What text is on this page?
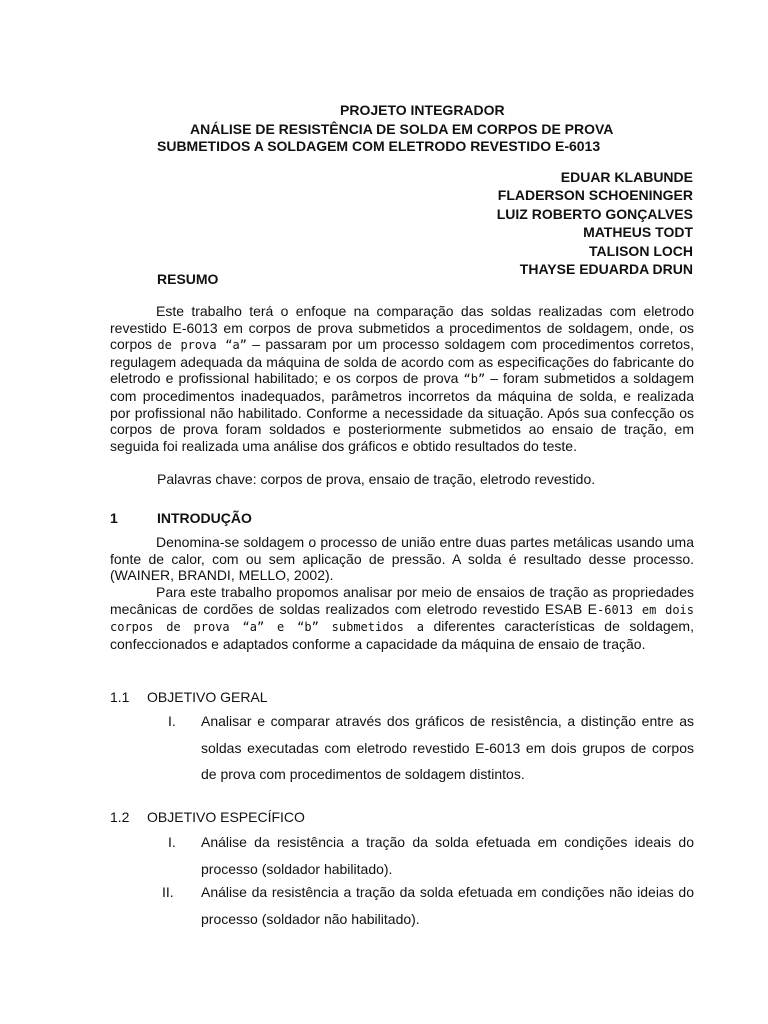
PROJETO INTEGRADOR
ANÁLISE DE RESISTÊNCIA DE SOLDA EM CORPOS DE PROVA
SUBMETIDOS A SOLDAGEM COM ELETRODO REVESTIDO E-6013
EDUAR KLABUNDE
FLADERSON SCHOENINGER
LUIZ ROBERTO GONÇALVES
MATHEUS TODT
TALISON LOCH
THAYSE EDUARDA DRUN
RESUMO
Este trabalho terá o enfoque na comparação das soldas realizadas com eletrodo revestido E-6013 em corpos de prova submetidos a procedimentos de soldagem, onde, os corpos de prova “a” – passaram por um processo soldagem com procedimentos corretos, regulagem adequada da máquina de solda de acordo com as especificações do fabricante do eletrodo e profissional habilitado; e os corpos de prova “b” – foram submetidos a soldagem com procedimentos inadequados, parâmetros incorretos da máquina de solda, e realizada por profissional não habilitado. Conforme a necessidade da situação. Após sua confecção os corpos de prova foram soldados e posteriormente submetidos ao ensaio de tração, em seguida foi realizada uma análise dos gráficos e obtido resultados do teste.
Palavras chave: corpos de prova, ensaio de tração, eletrodo revestido.
1	INTRODUÇÃO
Denomina-se soldagem o processo de união entre duas partes metálicas usando uma fonte de calor, com ou sem aplicação de pressão. A solda é resultado desse processo. (WAINER, BRANDI, MELLO, 2002).
Para este trabalho propomos analisar por meio de ensaios de tração as propriedades mecânicas de cordões de soldas realizados com eletrodo revestido ESAB E-6013 em dois corpos de prova “a” e “b” submetidos a diferentes características de soldagem, confeccionados e adaptados conforme a capacidade da máquina de ensaio de tração.
1.1 OBJETIVO GERAL
I.	Analisar e comparar através dos gráficos de resistência, a distinção entre as soldas executadas com eletrodo revestido E-6013 em dois grupos de corpos de prova com procedimentos de soldagem distintos.
1.2 OBJETIVO ESPECÍFICO
I.	Análise da resistência a tração da solda efetuada em condições ideais do processo (soldador habilitado).
II.	Análise da resistência a tração da solda efetuada em condições não ideias do processo (soldador não habilitado).
